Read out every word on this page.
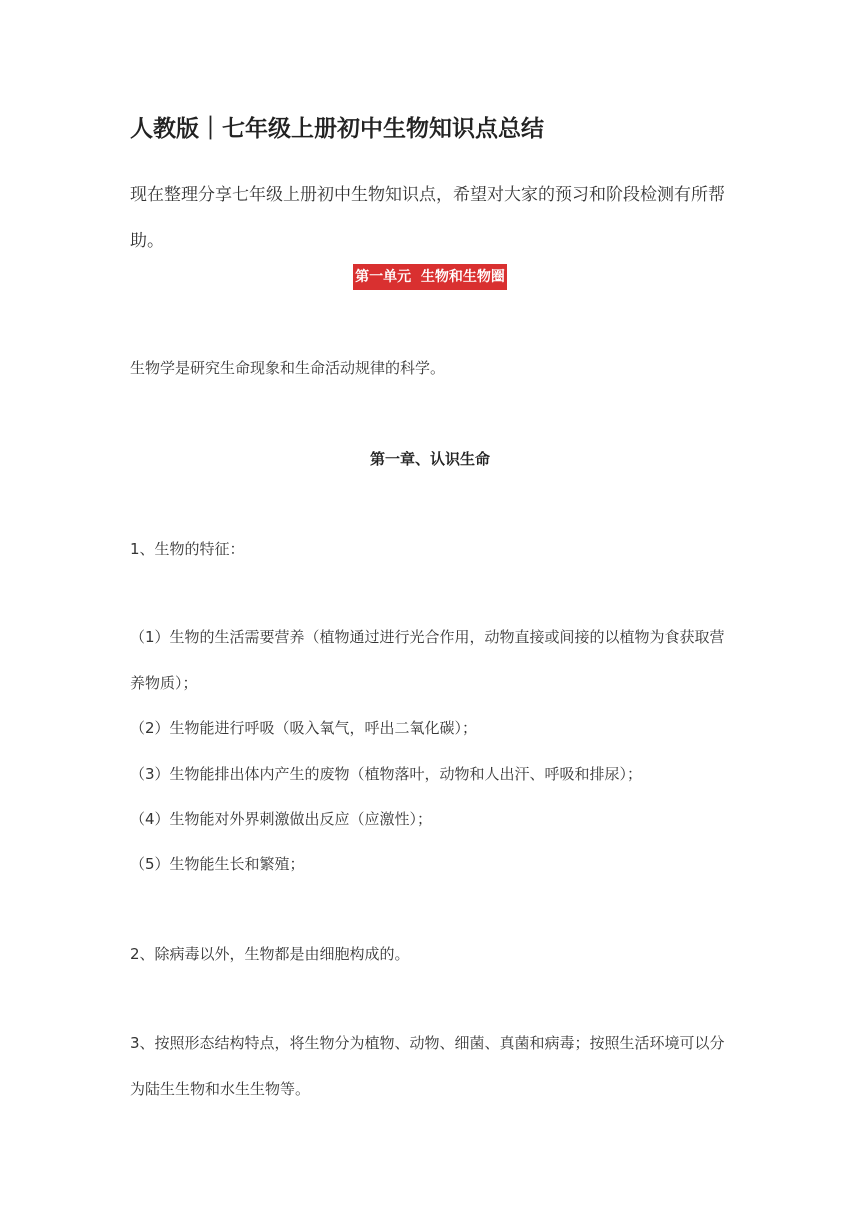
人教版｜七年级上册初中生物知识点总结

现在整理分享七年级上册初中生物知识点，希望对大家的预习和阶段检测有所帮助。

第一单元  生物和生物圈

生物学是研究生命现象和生命活动规律的科学。

第一章、认识生命

1、生物的特征：

（1）生物的生活需要营养（植物通过进行光合作用，动物直接或间接的以植物为食获取营养物质）；

（2）生物能进行呼吸（吸入氧气，呼出二氧化碳）；

（3）生物能排出体内产生的废物（植物落叶，动物和人出汗、呼吸和排尿）；

（4）生物能对外界刺激做出反应（应激性）；

（5）生物能生长和繁殖；

2、除病毒以外，生物都是由细胞构成的。

3、按照形态结构特点，将生物分为植物、动物、细菌、真菌和病毒；按照生活环境可以分为陆生生物和水生生物等。
